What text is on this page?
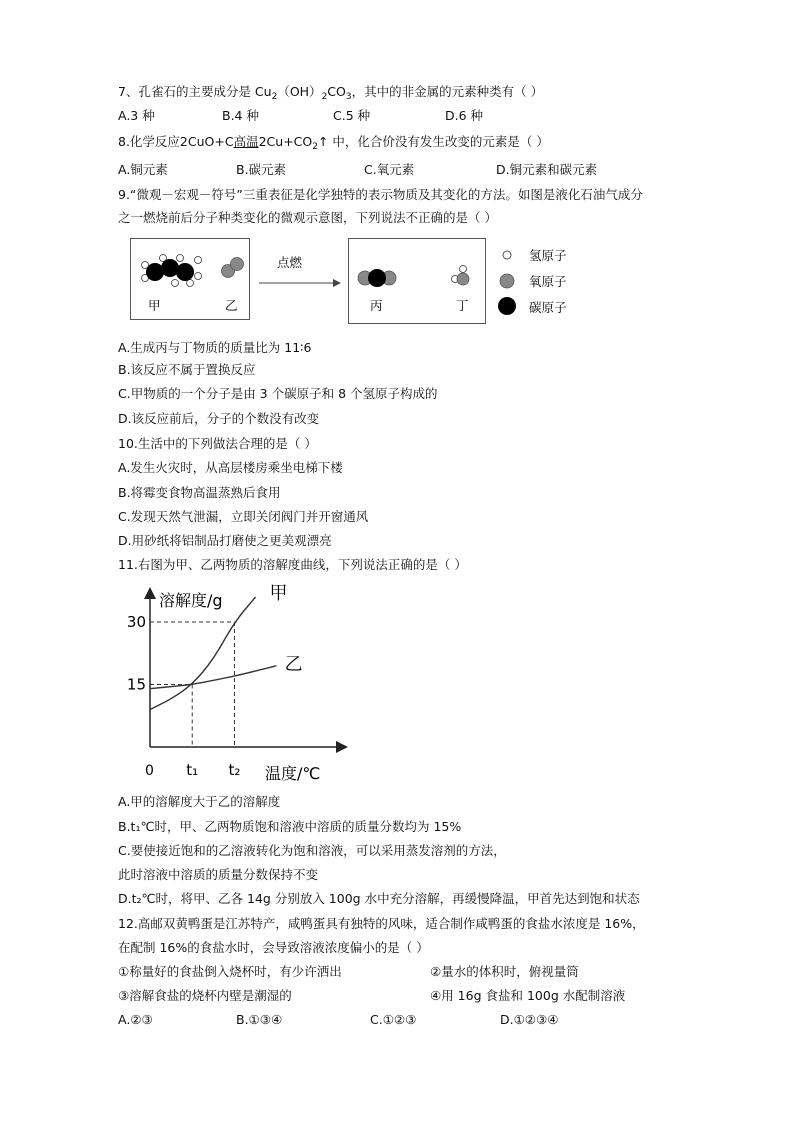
7、孔雀石的主要成分是 $Cu_2(OH)_2CO_3$，其中的非金属的元素种类有（ ）
A.3 种	B.4 种	C.5 种	D.6 种
8.化学反应2CuO+C高温$2Cu+CO_2↑$ 中，化合价没有发生改变的元素是（ ）
A.铜元素	B.碳元素	C.氧元素	D.铜元素和碳元素
9.“微观－宏观－符号”三重表征是化学独特的表示物质及其变化的方法。如图是液化石油气成分
之一燃烧前后分子种类变化的微观示意图，下列说法不正确的是（ ）
甲	乙
点燃
丙	丁
氢原子
氧原子
碳原子
A.生成丙与丁物质的质量比为 11∶6
B.该反应不属于置换反应
C.甲物质的一个分子是由 3 个碳原子和 8 个氢原子构成的
D.该反应前后，分子的个数没有改变
10.生活中的下列做法合理的是（ ）
A.发生火灾时，从高层楼房乘坐电梯下楼
B.将霉变食物高温蒸熟后食用
C.发现天然气泄漏，立即关闭阀门并开窗通风
D.用砂纸将铝制品打磨使之更美观漂亮
11.右图为甲、乙两物质的溶解度曲线，下列说法正确的是（ ）
溶解度/g
温度/℃
0
甲
乙
15
30
t₁ t₂
A.甲的溶解度大于乙的溶解度
B.t₁℃时，甲、乙两物质饱和溶液中溶质的质量分数均为 15%
C.要使接近饱和的乙溶液转化为饱和溶液，可以采用蒸发溶剂的方法，
此时溶液中溶质的质量分数保持不变
D.t₂℃时，将甲、乙各 14g 分别放入 100g 水中充分溶解，再缓慢降温，甲首先达到饱和状态
12.高邮双黄鸭蛋是江苏特产，咸鸭蛋具有独特的风味，适合制作咸鸭蛋的食盐水浓度是 16%，
在配制 16%的食盐水时，会导致溶液浓度偏小的是（ ）
①称量好的食盐倒入烧杯时，有少许洒出	②量水的体积时，俯视量筒
③溶解食盐的烧杯内壁是潮湿的	④用 16g 食盐和 100g 水配制溶液
A.②③	B.①③④	C.①②③	D.①②③④
